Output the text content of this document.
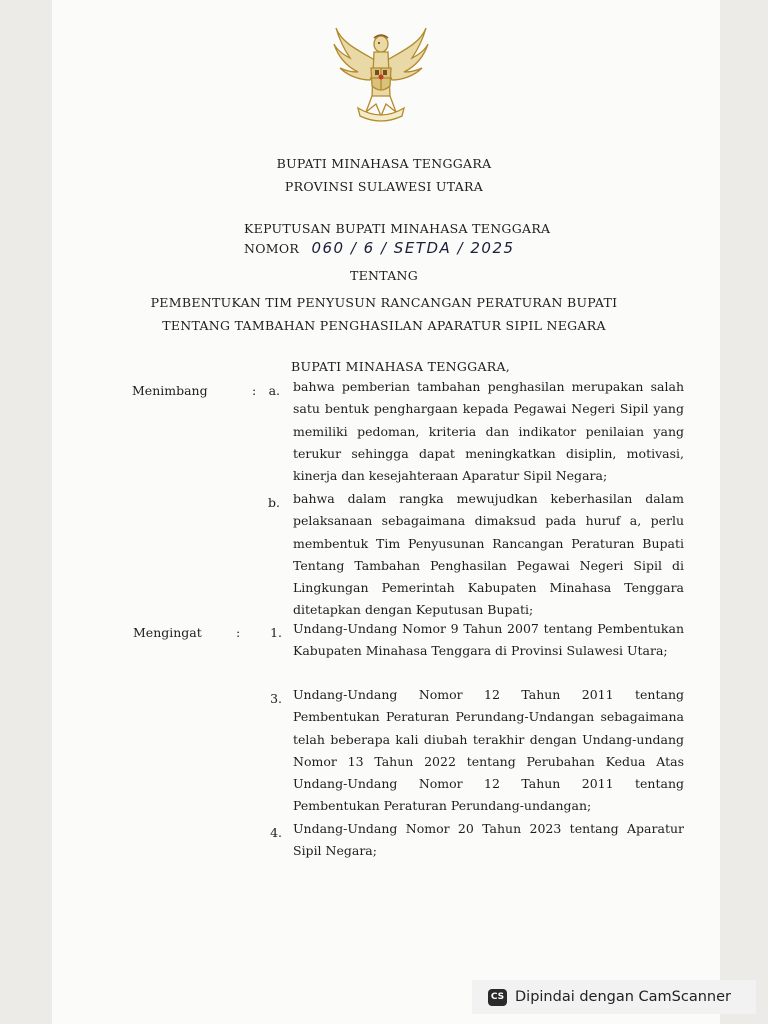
BUPATI MINAHASA TENGGARA
PROVINSI SULAWESI UTARA
KEPUTUSAN BUPATI MINAHASA TENGGARA
NOMOR 060 / 6 / SETDA / 2025
TENTANG
PEMBENTUKAN TIM PENYUSUN RANCANGAN PERATURAN BUPATI
TENTANG TAMBAHAN PENGHASILAN APARATUR SIPIL NEGARA
BUPATI MINAHASA TENGGARA,
Menimbang	: a. bahwa pemberian tambahan penghasilan merupakan salah satu bentuk penghargaan kepada Pegawai Negeri Sipil yang memiliki pedoman, kriteria dan indikator penilaian yang terukur sehingga dapat meningkatkan disiplin, motivasi, kinerja dan kesejahteraan Aparatur Sipil Negara;
b. bahwa dalam rangka mewujudkan keberhasilan dalam pelaksanaan sebagaimana dimaksud pada huruf a, perlu membentuk Tim Penyusunan Rancangan Peraturan Bupati Tentang Tambahan Penghasilan Pegawai Negeri Sipil di Lingkungan Pemerintah Kabupaten Minahasa Tenggara ditetapkan dengan Keputusan Bupati;
Mengingat	:	1. Undang-Undang Nomor 9 Tahun 2007 tentang Pembentukan Kabupaten Minahasa Tenggara di Provinsi Sulawesi Utara;
3. Undang-Undang Nomor 12 Tahun 2011 tentang Pembentukan Peraturan Perundang-Undangan sebagaimana telah beberapa kali diubah terakhir dengan Undang-undang Nomor 13 Tahun 2022 tentang Perubahan Kedua Atas Undang-Undang Nomor 12 Tahun 2011 tentang Pembentukan Peraturan Perundang-undangan;
4. Undang-Undang Nomor 20 Tahun 2023 tentang Aparatur Sipil Negara;
CS Dipindai dengan CamScanner
